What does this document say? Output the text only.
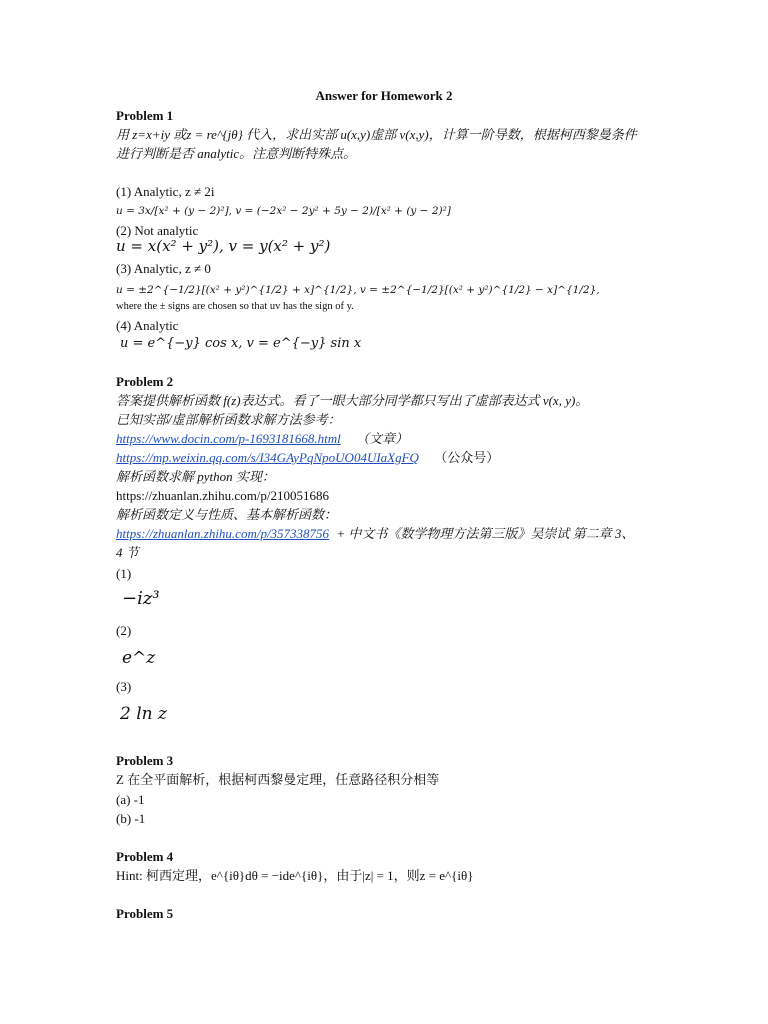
Answer for Homework 2
Problem 1
用 z=x+iy 或z = re^{jθ} 代入，求出实部 u(x,y)虚部 v(x,y)，计算一阶导数，根据柯西黎曼条件
进行判断是否 analytic。注意判断特殊点。
(1) Analytic, z ≠ 2i
u = 3x/[x² + (y − 2)²], v = (−2x² − 2y² + 5y − 2)/[x² + (y − 2)²]
(2) Not analytic
u = x(x² + y²), v = y(x² + y²)
(3) Analytic, z ≠ 0
u = ±2^{−1/2}[(x² + y²)^{1/2} + x]^{1/2}, v = ±2^{−1/2}[(x² + y²)^{1/2} − x]^{1/2},
where the ± signs are chosen so that uv has the sign of y.
(4) Analytic
u = e^{−y} cos x, v = e^{−y} sin x
Problem 2
答案提供解析函数 f(z)表达式。看了一眼大部分同学都只写出了虚部表达式 v(x, y)。
已知实部/虚部解析函数求解方法参考：
https://www.docin.com/p-1693181668.html （文章）
https://mp.weixin.qq.com/s/I34GAyPqNpoUO04UIaXgFQ （公众号）
解析函数求解 python 实现：
https://zhuanlan.zhihu.com/p/210051686
解析函数定义与性质、基本解析函数：
https://zhuanlan.zhihu.com/p/357338756 + 中文书《数学物理方法第三版》吴崇试 第二章 3、
4 节
(1)
−iz³
(2)
e^z
(3)
2 ln z
Problem 3
Z 在全平面解析，根据柯西黎曼定理，任意路径积分相等
(a) -1
(b) -1
Problem 4
Hint: 柯西定理，e^{iθ}dθ = −ide^{iθ}，由于|z| = 1，则z = e^{iθ}
Problem 5
